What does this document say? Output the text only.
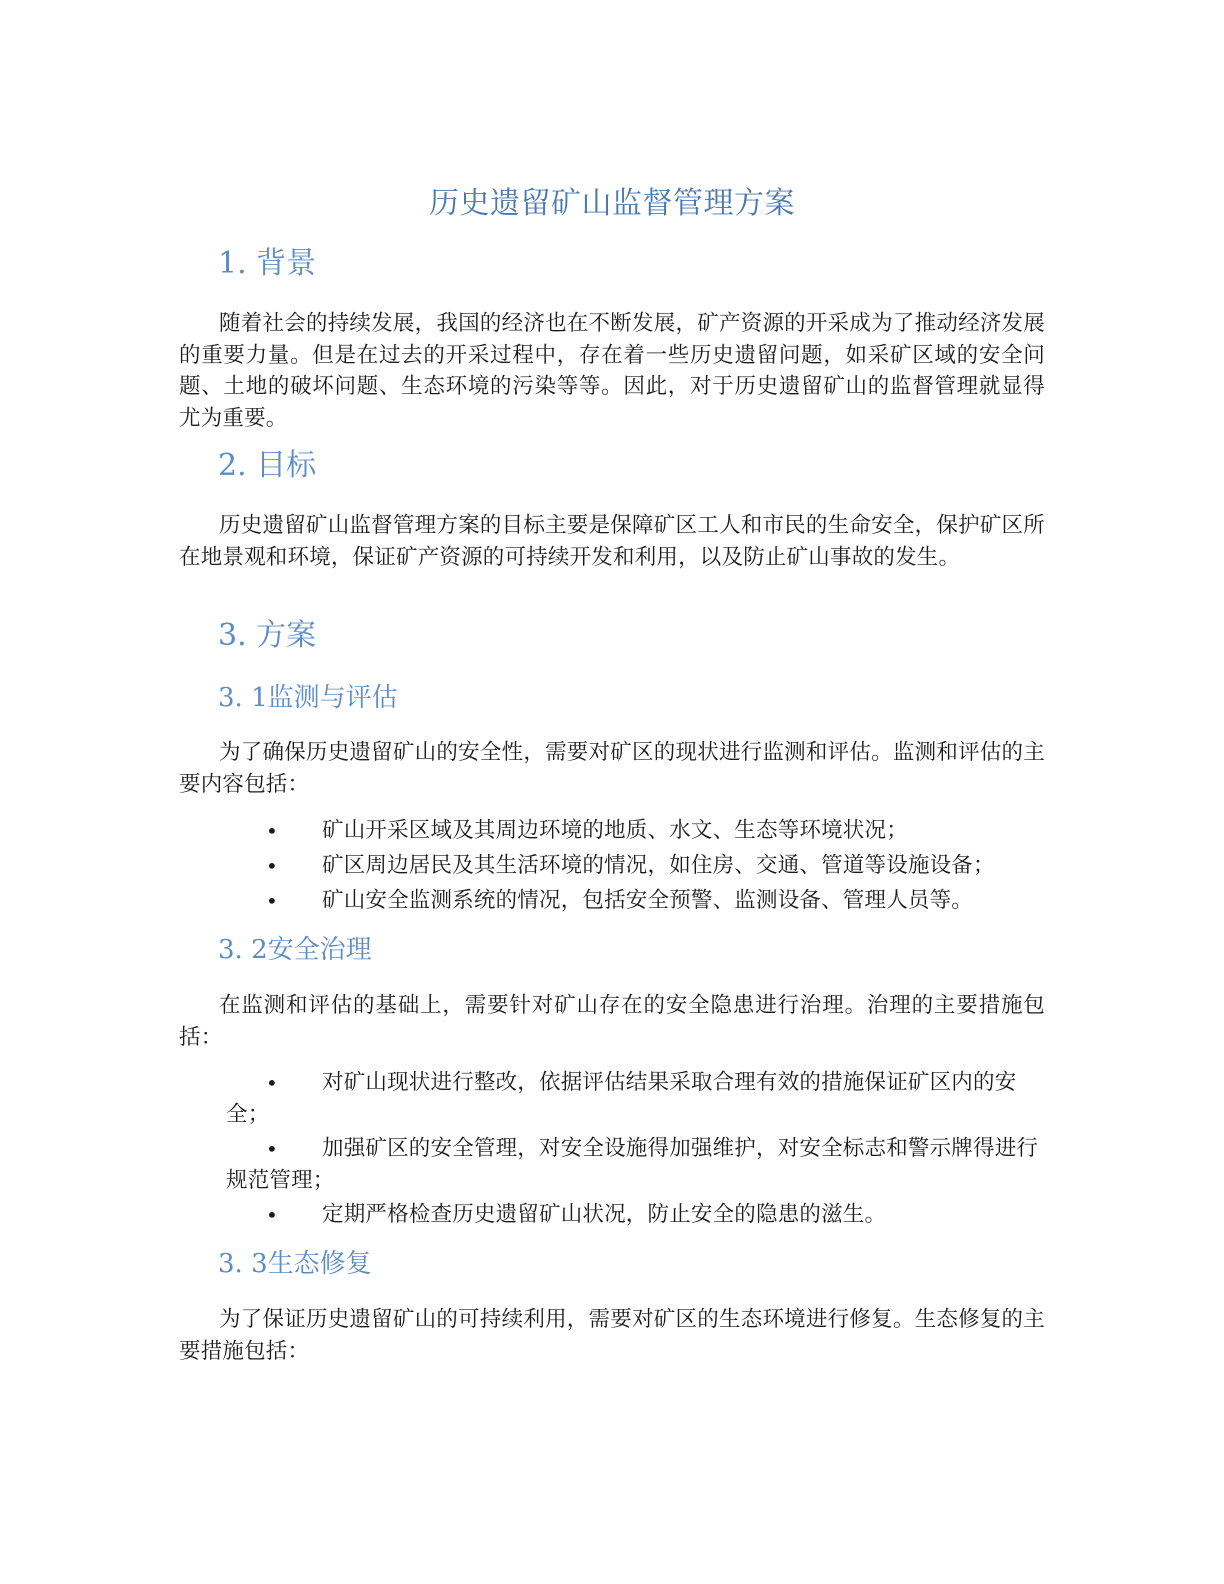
历史遗留矿山监督管理方案
1. 背景
随着社会的持续发展，我国的经济也在不断发展，矿产资源的开采成为了推动经济发展的重要力量。但是在过去的开采过程中，存在着一些历史遗留问题，如采矿区域的安全问题、土地的破坏问题、生态环境的污染等等。因此，对于历史遗留矿山的监督管理就显得尤为重要。
2. 目标
历史遗留矿山监督管理方案的目标主要是保障矿区工人和市民的生命安全，保护矿区所在地景观和环境，保证矿产资源的可持续开发和利用，以及防止矿山事故的发生。
3. 方案
3. 1监测与评估
为了确保历史遗留矿山的安全性，需要对矿区的现状进行监测和评估。监测和评估的主要内容包括：
• 矿山开采区域及其周边环境的地质、水文、生态等环境状况；
• 矿区周边居民及其生活环境的情况，如住房、交通、管道等设施设备；
• 矿山安全监测系统的情况，包括安全预警、监测设备、管理人员等。
3. 2安全治理
在监测和评估的基础上，需要针对矿山存在的安全隐患进行治理。治理的主要措施包括：
• 对矿山现状进行整改，依据评估结果采取合理有效的措施保证矿区内的安全；
• 加强矿区的安全管理，对安全设施得加强维护，对安全标志和警示牌得进行规范管理；
• 定期严格检查历史遗留矿山状况，防止安全的隐患的滋生。
3. 3生态修复
为了保证历史遗留矿山的可持续利用，需要对矿区的生态环境进行修复。生态修复的主要措施包括：
